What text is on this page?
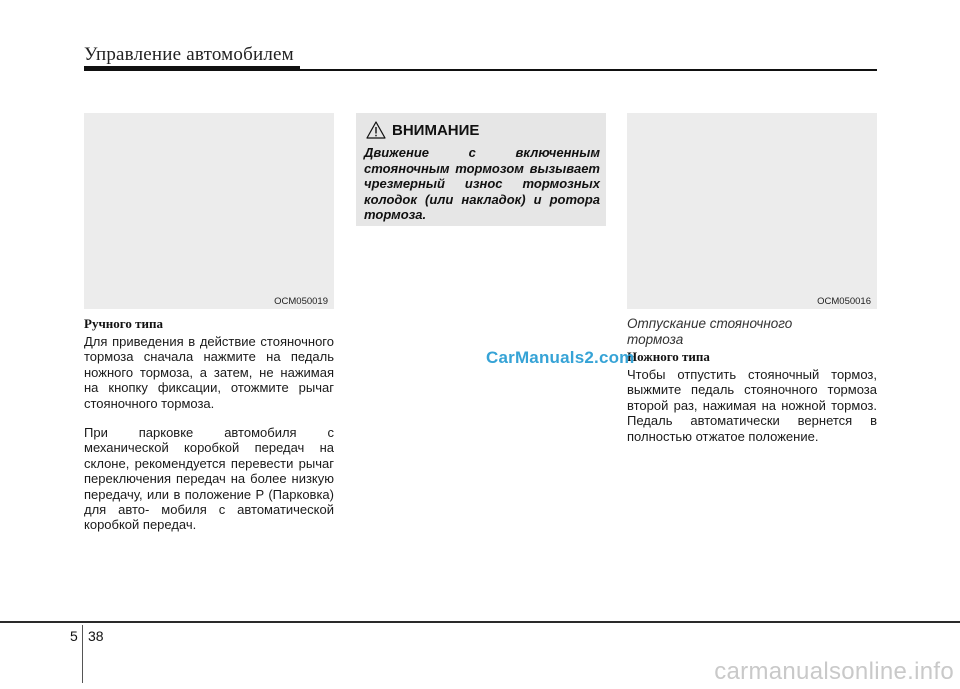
Управление автомобилем
OCM050019
Ручного типа

Для приведения в действие стояночного тормоза сначала нажмите на педаль ножного тормоза, а затем, не нажимая на кнопку фиксации, отожмите рычаг стояночного тормоза.

При парковке автомобиля с механической коробкой передач на склоне, рекомендуется перевести рычаг переключения передач на более низкую передачу, или в положение P (Парковка) для авто- мобиля с автоматической коробкой передач.

ВНИМАНИЕ
Движение с включенным стояночным тормозом вызывает чрезмерный износ тормозных колодок (или накладок) и ротора тормоза.
OCM050016
Отпускание стояночного тормоза
Ножного типа
Чтобы отпустить стояночный тормоз, выжмите педаль стояночного тормоза второй раз, нажимая на ножной тормоз. Педаль автоматически вернется в полностью отжатое положение.
CarManuals2.com
5 38
carmanualsonline.info
